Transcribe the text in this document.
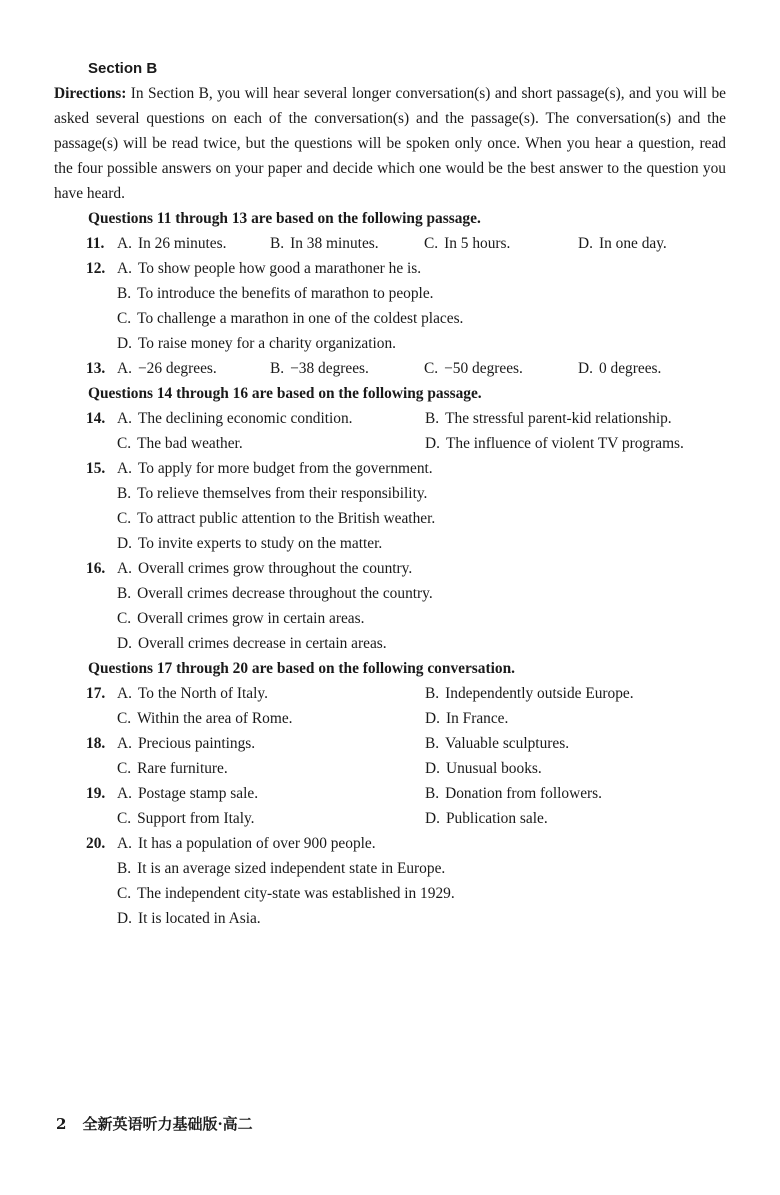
Section B
Directions: In Section B, you will hear several longer conversation(s) and short passage(s), and you will be asked several questions on each of the conversation(s) and the passage(s). The conversation(s) and the passage(s) will be read twice, but the questions will be spoken only once. When you hear a question, read the four possible answers on your paper and decide which one would be the best answer to the question you have heard.
Questions 11 through 13 are based on the following passage.
11. A. In 26 minutes.	B. In 38 minutes.	C. In 5 hours.	D. In one day.
12. A. To show people how good a marathoner he is.
B. To introduce the benefits of marathon to people.
C. To challenge a marathon in one of the coldest places.
D. To raise money for a charity organization.
13. A. −26 degrees.	B. −38 degrees.	C. −50 degrees.	D. 0 degrees.
Questions 14 through 16 are based on the following passage.
14. A. The declining economic condition.	B. The stressful parent-kid relationship.
C. The bad weather.	D. The influence of violent TV programs.
15. A. To apply for more budget from the government.
B. To relieve themselves from their responsibility.
C. To attract public attention to the British weather.
D. To invite experts to study on the matter.
16. A. Overall crimes grow throughout the country.
B. Overall crimes decrease throughout the country.
C. Overall crimes grow in certain areas.
D. Overall crimes decrease in certain areas.
Questions 17 through 20 are based on the following conversation.
17. A. To the North of Italy.	B. Independently outside Europe.
C. Within the area of Rome.	D. In France.
18. A. Precious paintings.	B. Valuable sculptures.
C. Rare furniture.	D. Unusual books.
19. A. Postage stamp sale.	B. Donation from followers.
C. Support from Italy.	D. Publication sale.
20. A. It has a population of over 900 people.
B. It is an average sized independent state in Europe.
C. The independent city-state was established in 1929.
D. It is located in Asia.
2 全新英语听力基础版·高二
